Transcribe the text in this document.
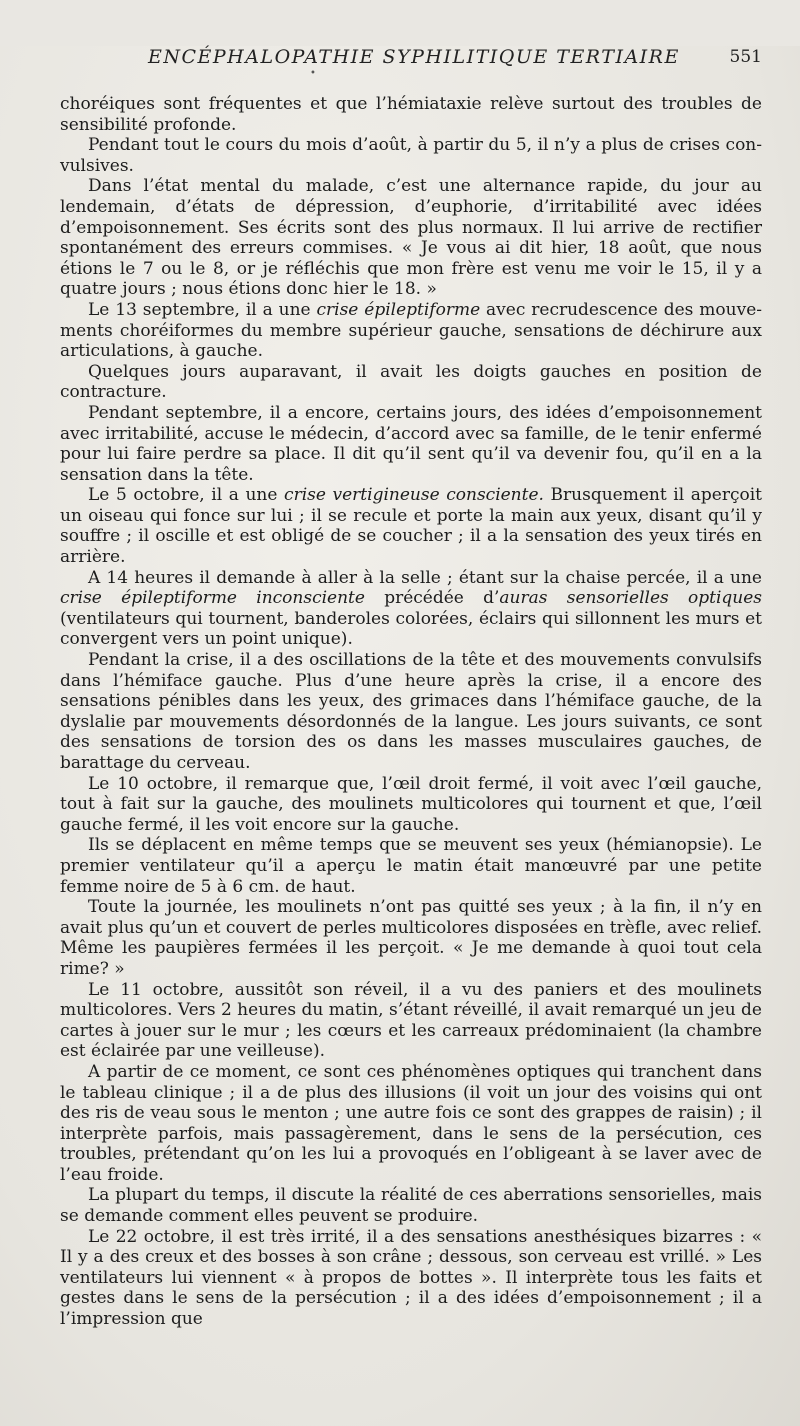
•
ENCÉPHALOPATHIE SYPHILITIQUE TERTIAIRE	551

choréiques sont fréquentes et que l’hémiataxie relève surtout des troubles de sensibilité profonde.

Pendant tout le cours du mois d’août, à partir du 5, il n’y a plus de crises convulsives.

Dans l’état mental du malade, c’est une alternance rapide, du jour au lendemain, d’états de dépression, d’euphorie, d’irritabilité avec idées d’empoisonnement. Ses écrits sont des plus normaux. Il lui arrive de rectifier spontanément des erreurs commises. « Je vous ai dit hier, 18 août, que nous étions le 7 ou le 8, or je réfléchis que mon frère est venu me voir le 15, il y a quatre jours ; nous étions donc hier le 18. »

Le 13 septembre, il a une crise épileptiforme avec recrudescence des mouvements choréiformes du membre supérieur gauche, sensations de déchirure aux articulations, à gauche.

Quelques jours auparavant, il avait les doigts gauches en position de contracture.

Pendant septembre, il a encore, certains jours, des idées d’empoisonnement avec irritabilité, accuse le médecin, d’accord avec sa famille, de le tenir enfermé pour lui faire perdre sa place. Il dit qu’il sent qu’il va devenir fou, qu’il en a la sensation dans la tête.

Le 5 octobre, il a une crise vertigineuse consciente. Brusquement il aperçoit un oiseau qui fonce sur lui ; il se recule et porte la main aux yeux, disant qu’il y souffre ; il oscille et est obligé de se coucher ; il a la sensation des yeux tirés en arrière.

A 14 heures il demande à aller à la selle ; étant sur la chaise percée, il a une crise épileptiforme inconsciente précédée d’auras sensorielles optiques (ventilateurs qui tournent, banderoles colorées, éclairs qui sillonnent les murs et convergent vers un point unique).

Pendant la crise, il a des oscillations de la tête et des mouvements convulsifs dans l’hémiface gauche. Plus d’une heure après la crise, il a encore des sensations pénibles dans les yeux, des grimaces dans l’hémiface gauche, de la dyslalie par mouvements désordonnés de la langue. Les jours suivants, ce sont des sensations de torsion des os dans les masses musculaires gauches, de barattage du cerveau.

Le 10 octobre, il remarque que, l’œil droit fermé, il voit avec l’œil gauche, tout à fait sur la gauche, des moulinets multicolores qui tournent et que, l’œil gauche fermé, il les voit encore sur la gauche.

Ils se déplacent en même temps que se meuvent ses yeux (hémianopsie). Le premier ventilateur qu’il a aperçu le matin était manœuvré par une petite femme noire de 5 à 6 cm. de haut.

Toute la journée, les moulinets n’ont pas quitté ses yeux ; à la fin, il n’y en avait plus qu’un et couvert de perles multicolores disposées en trèfle, avec relief. Même les paupières fermées il les perçoit. « Je me demande à quoi tout cela rime? »

Le 11 octobre, aussitôt son réveil, il a vu des paniers et des moulinets multicolores. Vers 2 heures du matin, s’étant réveillé, il avait remarqué un jeu de cartes à jouer sur le mur ; les cœurs et les carreaux prédominaient (la chambre est éclairée par une veilleuse).

A partir de ce moment, ce sont ces phénomènes optiques qui tranchent dans le tableau clinique ; il a de plus des illusions (il voit un jour des voisins qui ont des ris de veau sous le menton ; une autre fois ce sont des grappes de raisin) ; il interprète parfois, mais passagèrement, dans le sens de la persécution, ces troubles, prétendant qu’on les lui a provoqués en l’obligeant à se laver avec de l’eau froide.

La plupart du temps, il discute la réalité de ces aberrations sensorielles, mais se demande comment elles peuvent se produire.

Le 22 octobre, il est très irrité, il a des sensations anesthésiques bizarres : « Il y a des creux et des bosses à son crâne ; dessous, son cerveau est vrillé. » Les ventilateurs lui viennent « à propos de bottes ». Il interprète tous les faits et gestes dans le sens de la persécution ; il a des idées d’empoisonnement ; il a l’impression que
